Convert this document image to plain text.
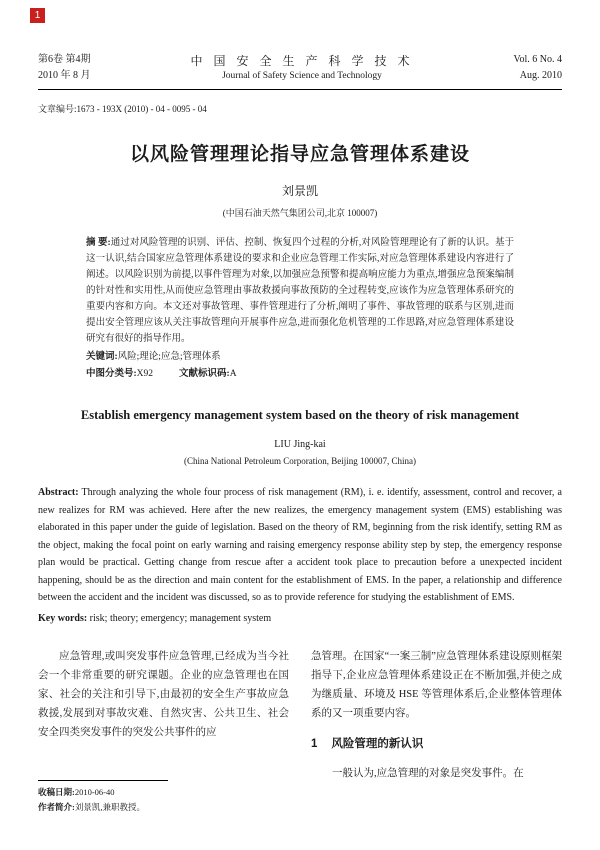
1
第6卷 第4期
2010 年 8 月
中 国 安 全 生 产 科 学 技 术
Journal of Safety Science and Technology
Vol. 6 No. 4
Aug. 2010
文章编号:1673 - 193X (2010) - 04 - 0095 - 04
以风险管理理论指导应急管理体系建设
刘景凯
(中国石油天然气集团公司,北京 100007)

摘 要:通过对风险管理的识别、评估、控制、恢复四个过程的分析,对风险管理理论有了新的认识。基于这一认识,结合国家应急管理体系建设的要求和企业应急管理工作实际,对应急管理体系建设内容进行了阐述。以风险识别为前提,以事件管理为对象,以加强应急预警和提高响应能力为重点,增强应急预案编制的针对性和实用性,从而使应急管理由事故救援向事故预防的全过程转变,应该作为应急管理体系研究的重要内容和方向。本文还对事故管理、事件管理进行了分析,阐明了事件、事故管理的联系与区别,进而提出安全管理应该从关注事故管理向开展事件应急,进而强化危机管理的工作思路,对应急管理体系建设研究有很好的指导作用。

关键词:风险;理论;应急;管理体系

中图分类号:X92	文献标识码:A

Establish emergency management system based on the theory of risk management
LIU Jing-kai
(China National Petroleum Corporation, Beijing 100007, China)

Abstract: Through analyzing the whole four process of risk management (RM), i. e. identify, assessment, control and recover, a new realizes for RM was achieved. Here after the new realizes, the emergency management system (EMS) establishing was elaborated in this paper under the guide of legislation. Based on the theory of RM, beginning from the risk identify, setting RM as the object, making the focal point on early warning and raising emergency response ability step by step, the emergency response plan would be practical. Getting change from rescue after a accident took place to precaution before a unexpected incident happening, should be as the direction and main content for the establishment of EMS. In the paper, a relationship and difference between the accident and the incident was discussed, so as to provide reference for studying the establishment of EMS.

Key words: risk; theory; emergency; management system

应急管理,或叫突发事件应急管理,已经成为当今社会一个非常重要的研究课题。企业的应急管理也在国家、社会的关注和引导下,由最初的安全生产事故应急救援,发展到对事故灾难、自然灾害、公共卫生、社会安全四类突发事件的突发公共事件的应

收稿日期:2010-06-40
作者简介:刘景凯,兼职教授。

急管理。在国家“一案三制”应急管理体系建设原则框架指导下,企业应急管理体系建设正在不断加强,并使之成为继质量、环境及 HSE 等管理体系后,企业整体管理体系的又一项重要内容。

1 风险管理的新认识

一般认为,应急管理的对象是突发事件。在
